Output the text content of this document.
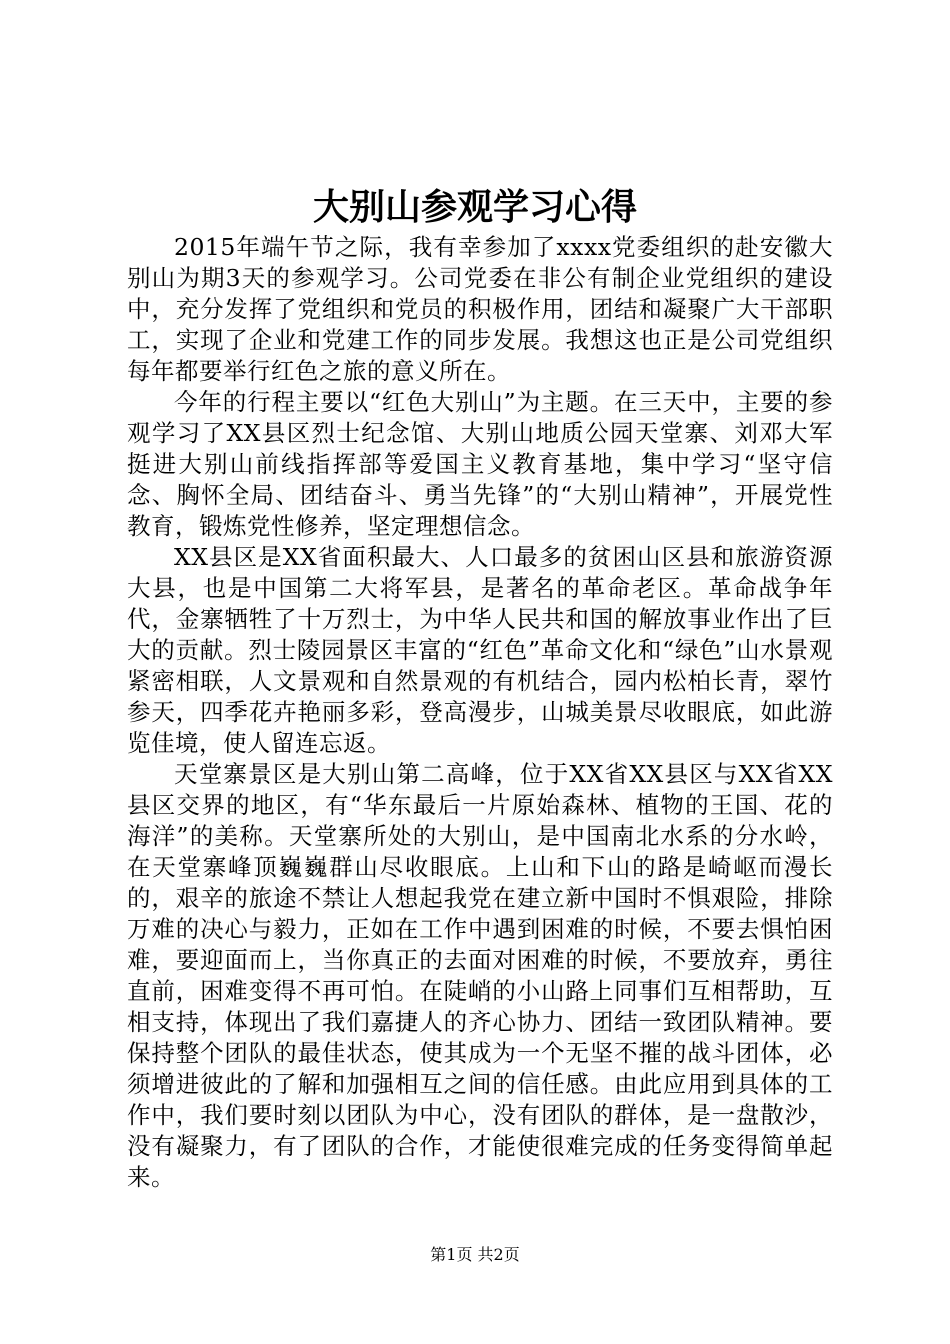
大别山参观学习心得

2015年端午节之际，我有幸参加了xxxx党委组织的赴安徽大别山为期3天的参观学习。公司党委在非公有制企业党组织的建设中，充分发挥了党组织和党员的积极作用，团结和凝聚广大干部职工，实现了企业和党建工作的同步发展。我想这也正是公司党组织每年都要举行红色之旅的意义所在。

今年的行程主要以“红色大别山”为主题。在三天中，主要的参观学习了XX县区烈士纪念馆、大别山地质公园天堂寨、刘邓大军挺进大别山前线指挥部等爱国主义教育基地，集中学习“坚守信念、胸怀全局、团结奋斗、勇当先锋”的“大别山精神”，开展党性教育，锻炼党性修养，坚定理想信念。

XX县区是XX省面积最大、人口最多的贫困山区县和旅游资源大县，也是中国第二大将军县，是著名的革命老区。革命战争年代，金寨牺牲了十万烈士，为中华人民共和国的解放事业作出了巨大的贡献。烈士陵园景区丰富的“红色”革命文化和“绿色”山水景观紧密相联，人文景观和自然景观的有机结合，园内松柏长青，翠竹参天，四季花卉艳丽多彩，登高漫步，山城美景尽收眼底，如此游览佳境，使人留连忘返。

天堂寨景区是大别山第二高峰，位于XX省XX县区与XX省XX县区交界的地区，有“华东最后一片原始森林、植物的王国、花的海洋”的美称。天堂寨所处的大别山，是中国南北水系的分水岭，在天堂寨峰顶巍巍群山尽收眼底。上山和下山的路是崎岖而漫长的，艰辛的旅途不禁让人想起我党在建立新中国时不惧艰险，排除万难的决心与毅力，正如在工作中遇到困难的时候，不要去惧怕困难，要迎面而上，当你真正的去面对困难的时候，不要放弃，勇往直前，困难变得不再可怕。在陡峭的小山路上同事们互相帮助，互相支持，体现出了我们嘉捷人的齐心协力、团结一致团队精神。要保持整个团队的最佳状态，使其成为一个无坚不摧的战斗团体，必须增进彼此的了解和加强相互之间的信任感。由此应用到具体的工作中，我们要时刻以团队为中心，没有团队的群体，是一盘散沙，没有凝聚力，有了团队的合作，才能使很难完成的任务变得简单起来。

第1页 共2页
